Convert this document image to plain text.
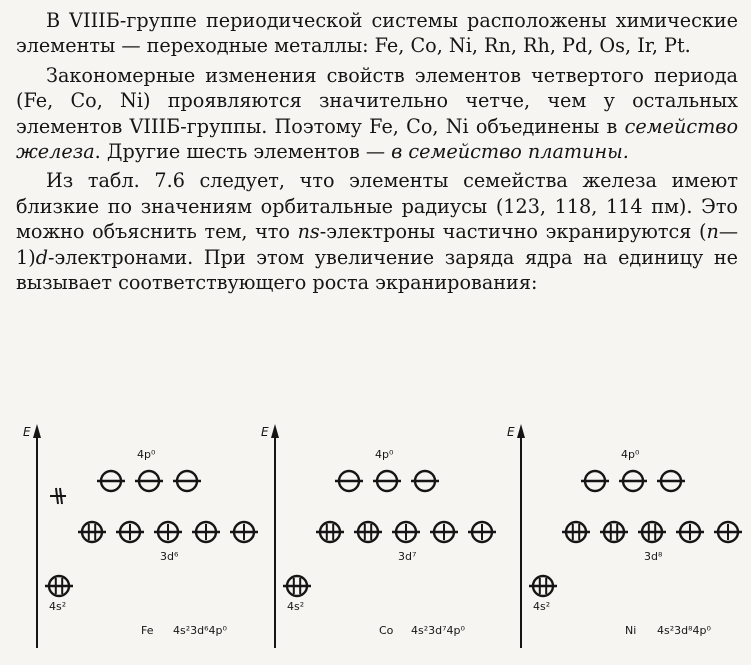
В VIIIБ-группе периодической системы расположены химические элементы — переходные металлы: Fe, Co, Ni, Rn, Rh, Pd, Os, Ir, Pt.

Закономерные изменения свойств элементов четвертого периода (Fe, Co, Ni) проявляются значительно четче, чем у остальных элементов VIIIБ-группы. Поэтому Fe, Co, Ni объединены в семейство железа. Другие шесть элементов — в семейство платины.

Из табл. 7.6 следует, что элементы семейства железа имеют близкие по значениям орбитальные радиусы (123, 118, 114 пм). Это можно объяснить тем, что ns-электроны частично экранируются (n—1)d-электронами. При этом увеличение заряда ядра на единицу не вызывает соответствующего роста экранирования:

E
4p⁰
3d⁶
4s²
Fe 4s²3d⁶4p⁰
E
4p⁰
3d⁷
4s²
Co 4s²3d⁷4p⁰
E
4p⁰
3d⁸
4s²
Ni 4s²3d⁸4p⁰
